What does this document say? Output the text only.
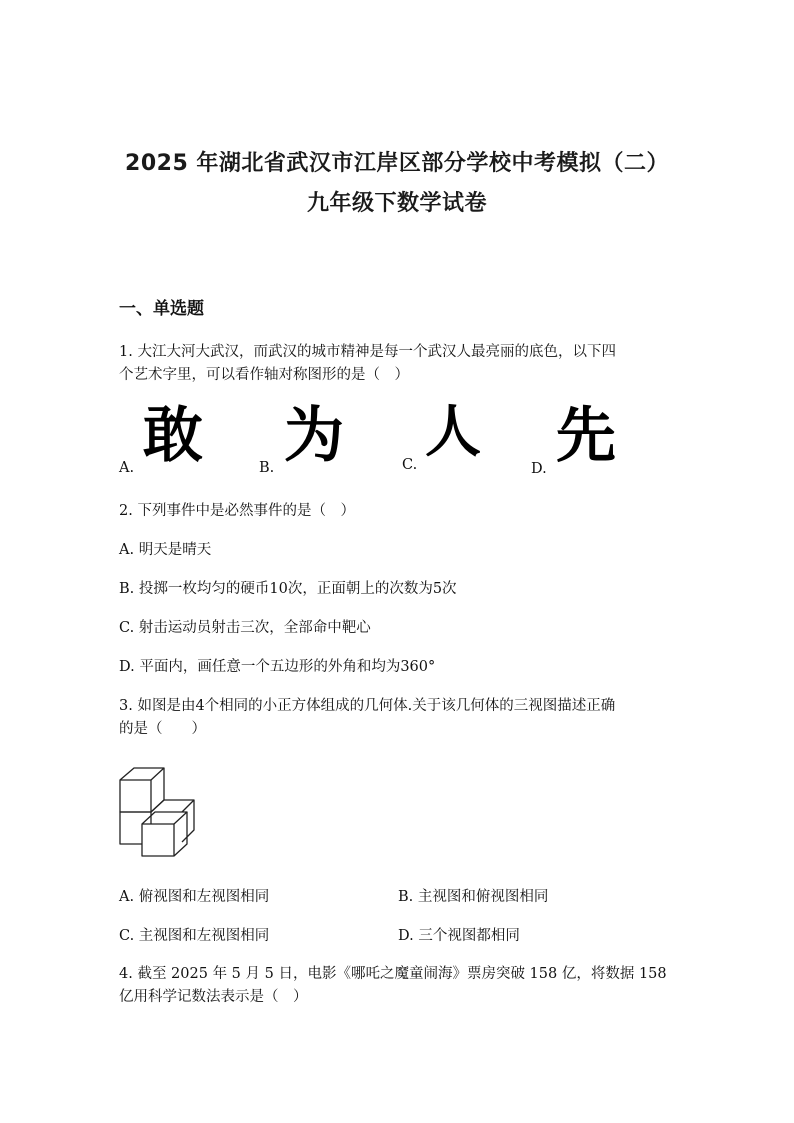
2025 年湖北省武汉市江岸区部分学校中考模拟（二）
九年级下数学试卷
一、单选题
1. 大江大河大武汉，而武汉的城市精神是每一个武汉人最亮丽的底色，以下四
个艺术字里，可以看作轴对称图形的是（　）
A. 敢	B. 为	C. 人
D. 先
2. 下列事件中是必然事件的是（　）
A. 明天是晴天
B. 投掷一枚均匀的硬币10次，正面朝上的次数为5次
C. 射击运动员射击三次，全部命中靶心
D. 平面内，画任意一个五边形的外角和均为360°
3. 如图是由4个相同的小正方体组成的几何体.关于该几何体的三视图描述正确
的是（　　）
A. 俯视图和左视图相同	B. 主视图和俯视图相同
C. 主视图和左视图相同	D. 三个视图都相同
4. 截至 2025 年 5 月 5 日，电影《哪吒之魔童闹海》票房突破 158 亿，将数据 158
亿用科学记数法表示是（　）
